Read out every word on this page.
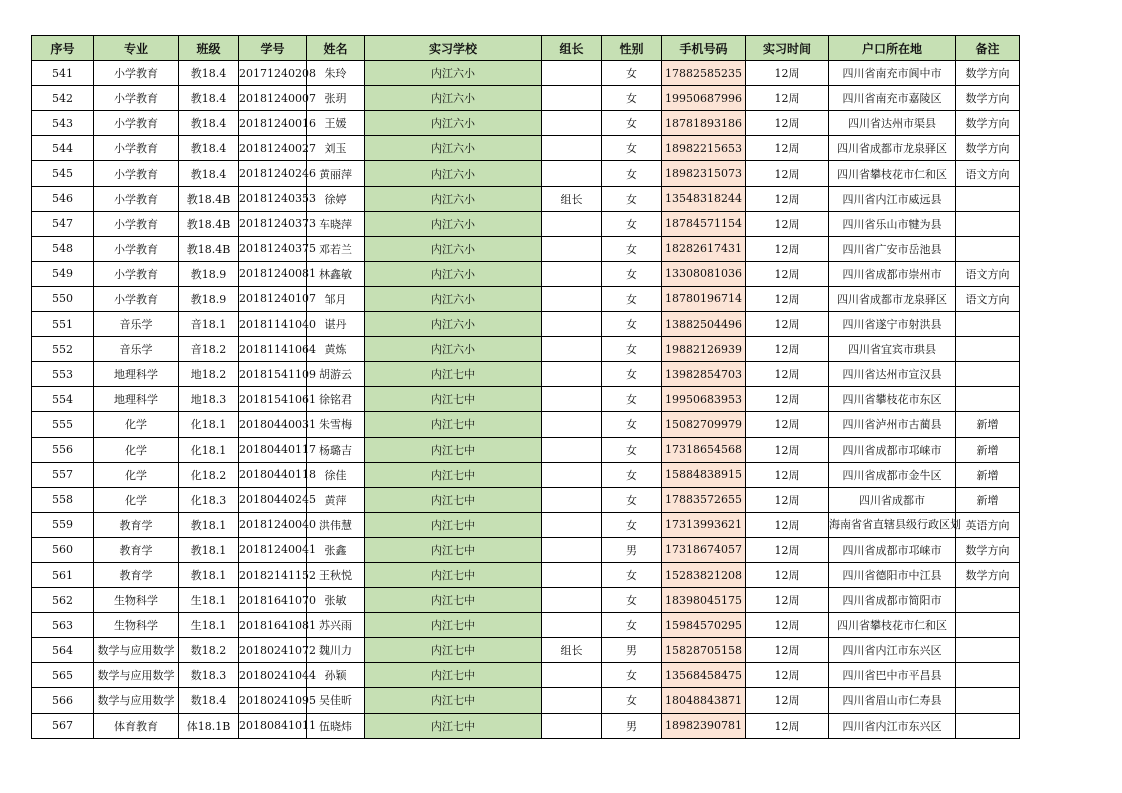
序号	专业	班级	学号	姓名	实习学校	组长	性别	手机号码	实习时间	户口所在地	备注
541	小学教育	教18.4	20171240208	朱玲	内江六小		女	17882585235	12周	四川省南充市阆中市	数学方向
542	小学教育	教18.4	20181240007	张玥	内江六小		女	19950687996	12周	四川省南充市嘉陵区	数学方向
543	小学教育	教18.4	20181240016	王媛	内江六小		女	18781893186	12周	四川省达州市渠县	数学方向
544	小学教育	教18.4	20181240027	刘玉	内江六小		女	18982215653	12周	四川省成都市龙泉驿区	数学方向
545	小学教育	教18.4	20181240246	黄丽萍	内江六小		女	18982315073	12周	四川省攀枝花市仁和区	语文方向
546	小学教育	教18.4B	20181240353	徐婷	内江六小	组长	女	13548318244	12周	四川省内江市威远县	
547	小学教育	教18.4B	20181240373	车晓萍	内江六小		女	18784571154	12周	四川省乐山市犍为县	
548	小学教育	教18.4B	20181240375	邓若兰	内江六小		女	18282617431	12周	四川省广安市岳池县	
549	小学教育	教18.9	20181240081	林鑫敏	内江六小		女	13308081036	12周	四川省成都市崇州市	语文方向
550	小学教育	教18.9	20181240107	邹月	内江六小		女	18780196714	12周	四川省成都市龙泉驿区	语文方向
551	音乐学	音18.1	20181141040	谌丹	内江六小		女	13882504496	12周	四川省遂宁市射洪县	
552	音乐学	音18.2	20181141064	黄炼	内江六小		女	19882126939	12周	四川省宜宾市珙县	
553	地理科学	地18.2	20181541109	胡游云	内江七中		女	13982854703	12周	四川省达州市宣汉县	
554	地理科学	地18.3	20181541061	徐铭君	内江七中		女	19950683953	12周	四川省攀枝花市东区	
555	化学	化18.1	20180440031	朱雪梅	内江七中		女	15082709979	12周	四川省泸州市古蔺县	新增
556	化学	化18.1	20180440117	杨璐吉	内江七中		女	17318654568	12周	四川省成都市邛崃市	新增
557	化学	化18.2	20180440118	徐佳	内江七中		女	15884838915	12周	四川省成都市金牛区	新增
558	化学	化18.3	20180440245	黄萍	内江七中		女	17883572655	12周	四川省成都市	新增
559	教育学	教18.1	20181240040	洪伟慧	内江七中		女	17313993621	12周	海南省省直辖县级行政区划	英语方向
560	教育学	教18.1	20181240041	张鑫	内江七中		男	17318674057	12周	四川省成都市邛崃市	数学方向
561	教育学	教18.1	20182141152	王秋悦	内江七中		女	15283821208	12周	四川省德阳市中江县	数学方向
562	生物科学	生18.1	20181641070	张敏	内江七中		女	18398045175	12周	四川省成都市简阳市	
563	生物科学	生18.1	20181641081	苏兴雨	内江七中		女	15984570295	12周	四川省攀枝花市仁和区	
564	数学与应用数学	数18.2	20180241072	魏川力	内江七中	组长	男	15828705158	12周	四川省内江市东兴区	
565	数学与应用数学	数18.3	20180241044	孙颖	内江七中		女	13568458475	12周	四川省巴中市平昌县	
566	数学与应用数学	数18.4	20180241095	吴佳昕	内江七中		女	18048843871	12周	四川省眉山市仁寿县	
567	体育教育	体18.1B	20180841011	伍晓炜	内江七中		男	18982390781	12周	四川省内江市东兴区	
